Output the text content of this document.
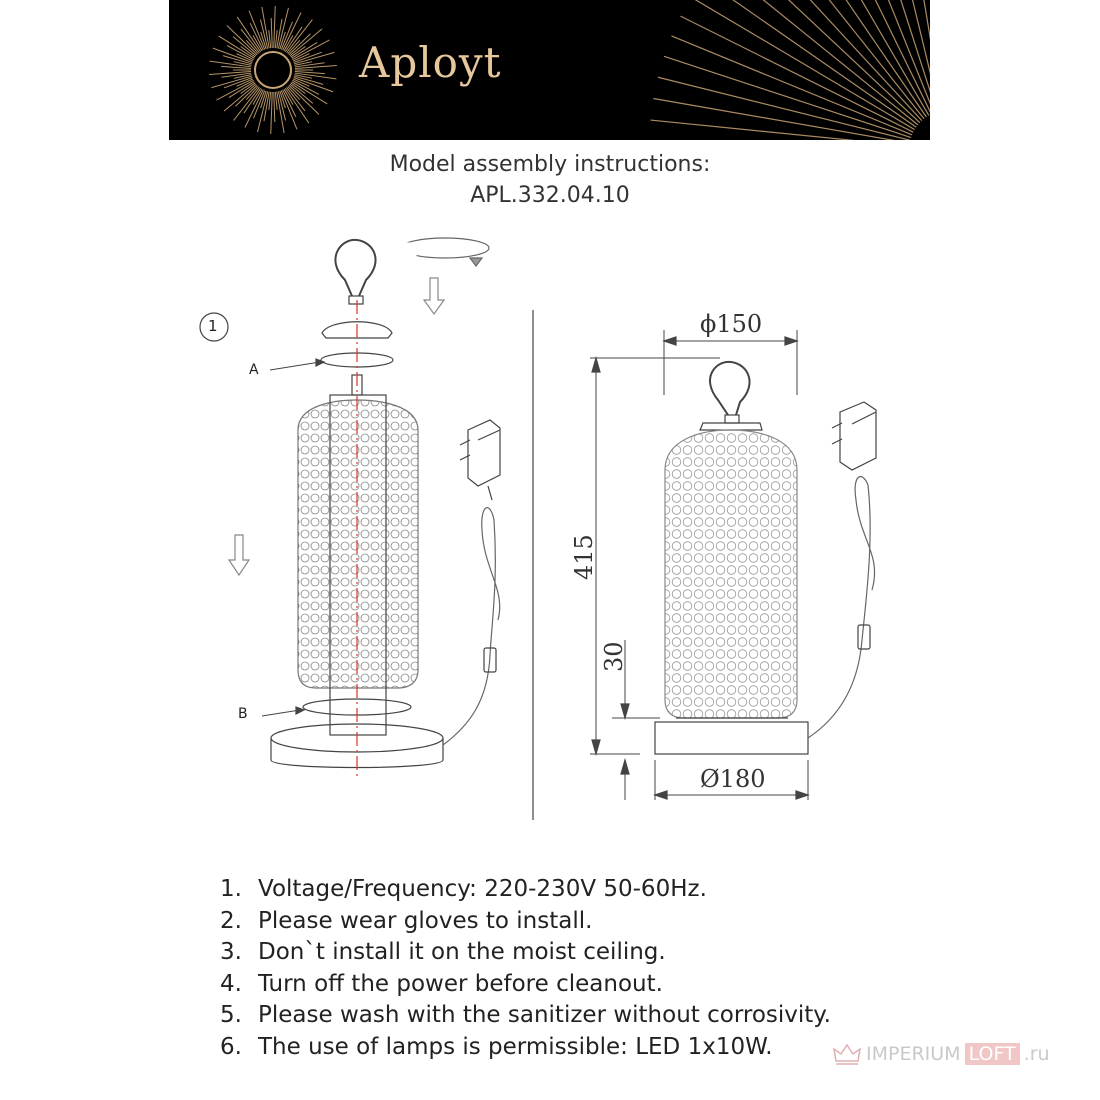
Aployt
Model assembly instructions:
APL.332.04.10
1
A
B
ϕ150
Ø180
415
30
1. Voltage/Frequency: 220-230V 50-60Hz.
2. Please wear gloves to install.
3. Don`t install it on the moist ceiling.
4. Turn off the power before cleanout.
5. Please wash with the sanitizer without corrosivity.
6. The use of lamps is permissible: LED 1x10W.	IMPERIUM LOFT .ru
